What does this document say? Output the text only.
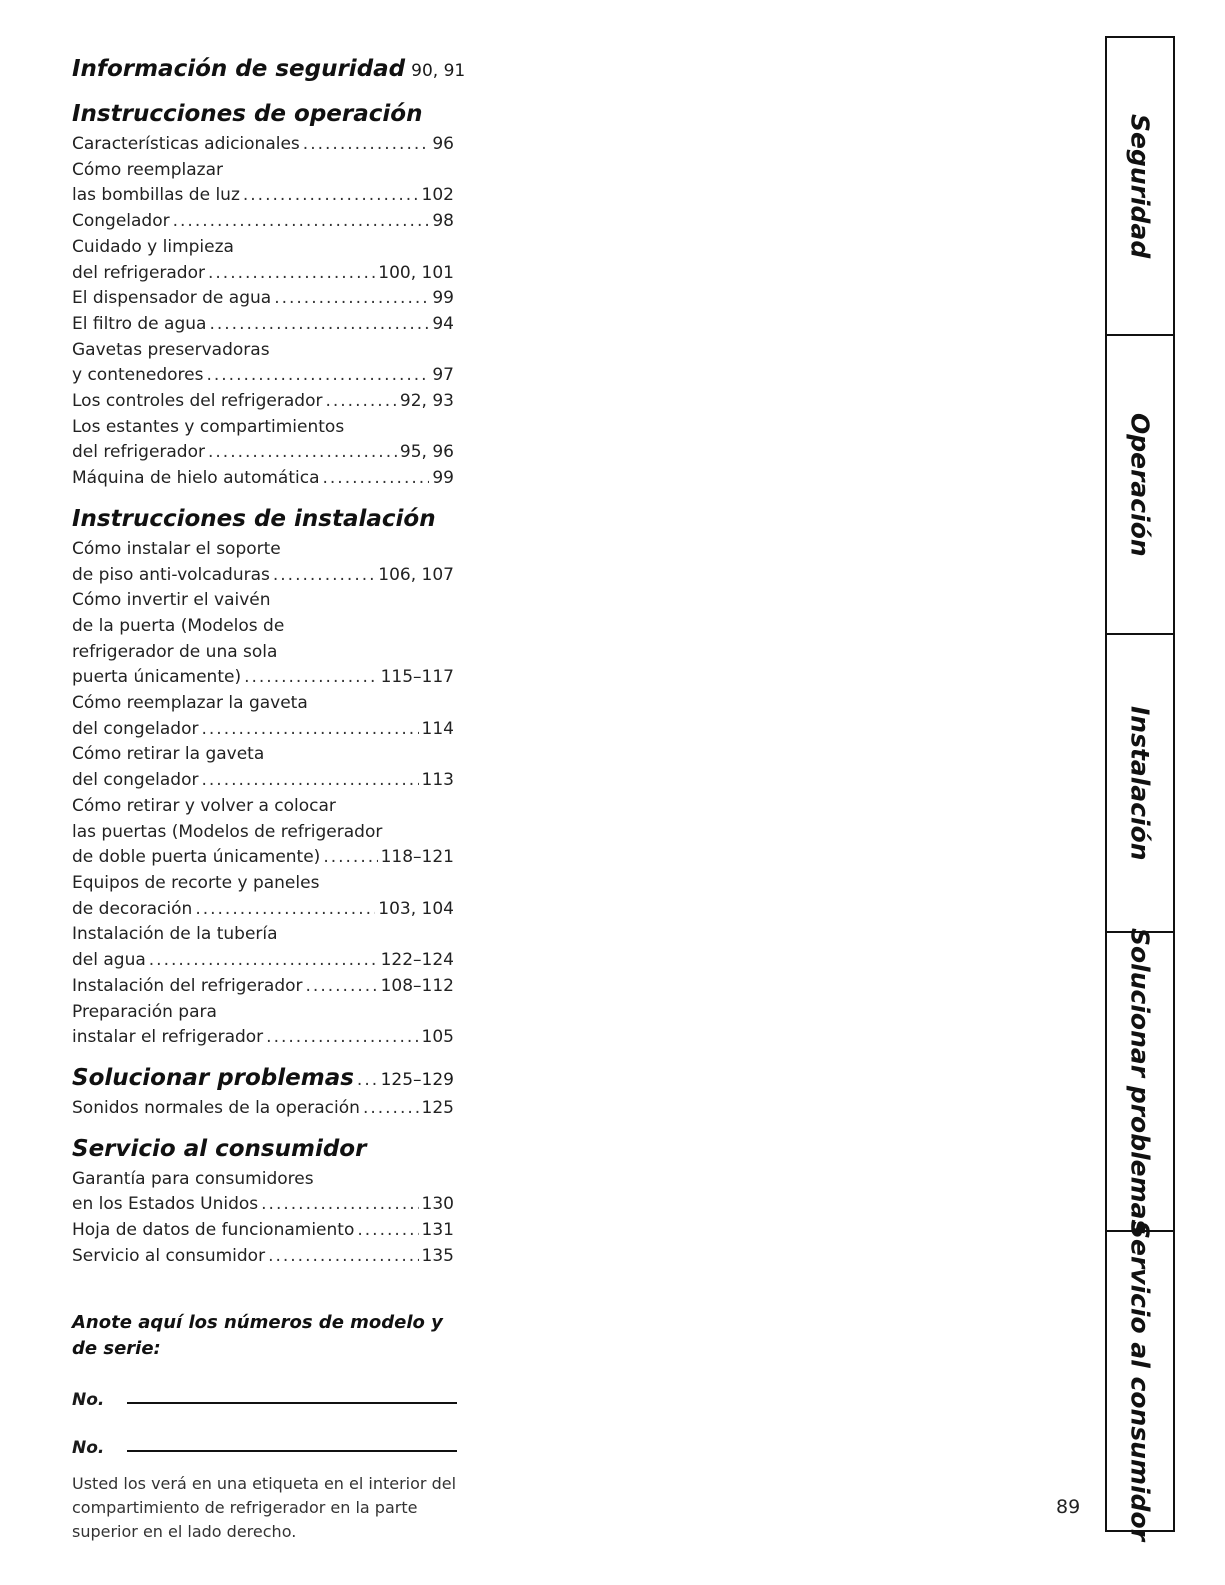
Información de seguridad 90, 91
Instrucciones de operación
Características adicionales .....	96
Cómo reemplazar
las bombillas de luz .....	102
Congelador .....	98
Cuidado y limpieza
del refrigerador .....	100, 101
El dispensador de agua .....	99
El filtro de agua .....	94
Gavetas preservadoras
y contenedores .....	97
Los controles del refrigerador .....	92, 93
Los estantes y compartimientos
del refrigerador .....	95, 96
Máquina de hielo automática .....	99
Instrucciones de instalación
Cómo instalar el soporte
de piso anti-volcaduras .....	106, 107
Cómo invertir el vaivén
de la puerta (Modelos de
refrigerador de una sola
puerta únicamente) .....	115–117
Cómo reemplazar la gaveta
del congelador .....	114
Cómo retirar la gaveta
del congelador .....	113
Cómo retirar y volver a colocar
las puertas (Modelos de refrigerador
de doble puerta únicamente) .....	118–121
Equipos de recorte y paneles
de decoración .....	103, 104
Instalación de la tubería
del agua .....	122–124
Instalación del refrigerador .....	108–112
Preparación para
instalar el refrigerador .....	105
Solucionar problemas ..... 125–129
Sonidos normales de la operación .....	125
Servicio al consumidor
Garantía para consumidores
en los Estados Unidos .....	130
Hoja de datos de funcionamiento .....	131
Servicio al consumidor .....	135
Anote aquí los números de modelo y de serie:
No.
No.
Usted los verá en una etiqueta en el interior del compartimiento de refrigerador en la parte superior en el lado derecho.
89
Seguridad
Operación
Instalación
Solucionar problemas
Servicio al consumidor
